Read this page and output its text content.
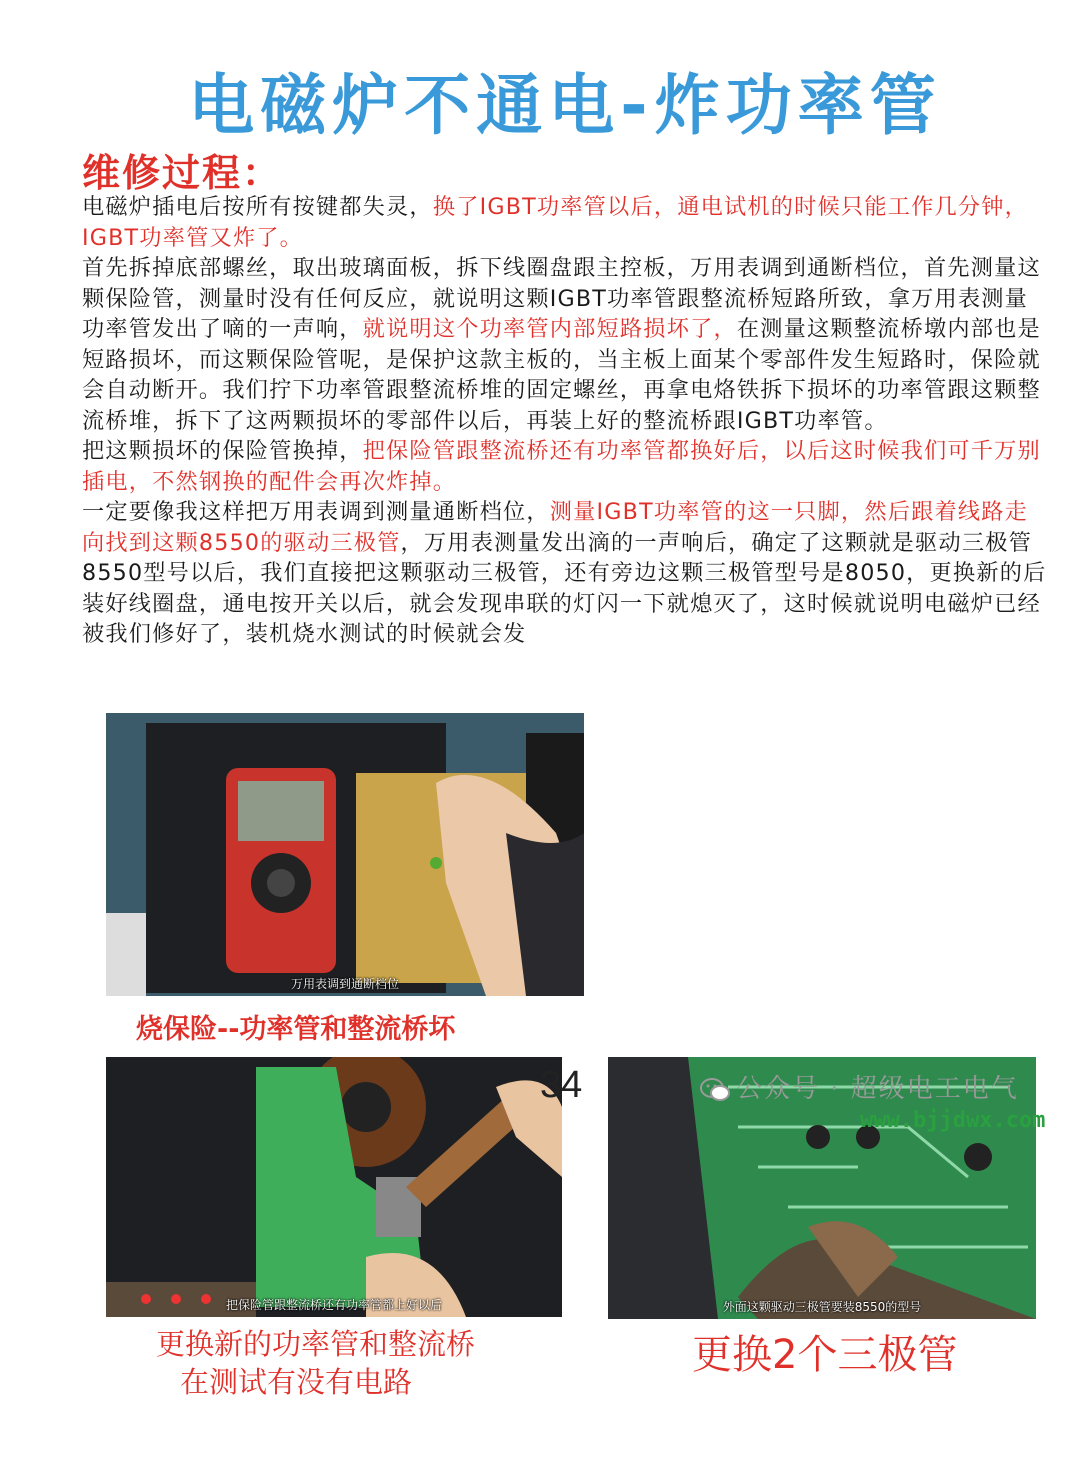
电磁炉不通电-炸功率管
维修过程：

电磁炉插电后按所有按键都失灵，换了IGBT功率管以后，通电试机的时候只能工作几分钟，IGBT功率管又炸了。

首先拆掉底部螺丝，取出玻璃面板，拆下线圈盘跟主控板，万用表调到通断档位，首先测量这颗保险管，测量时没有任何反应，就说明这颗IGBT功率管跟整流桥短路所致，拿万用表测量功率管发出了嘀的一声响，就说明这个功率管内部短路损坏了，在测量这颗整流桥墩内部也是短路损坏，而这颗保险管呢，是保护这款主板的，当主板上面某个零部件发生短路时，保险就会自动断开。我们拧下功率管跟整流桥堆的固定螺丝，再拿电烙铁拆下损坏的功率管跟这颗整流桥堆，拆下了这两颗损坏的零部件以后，再装上好的整流桥跟IGBT功率管。

把这颗损坏的保险管换掉，把保险管跟整流桥还有功率管都换好后，以后这时候我们可千万别插电，不然钢换的配件会再次炸掉。

一定要像我这样把万用表调到测量通断档位，测量IGBT功率管的这一只脚，然后跟着线路走向找到这颗8550的驱动三极管，万用表测量发出滴的一声响后，确定了这颗就是驱动三极管8550型号以后，我们直接把这颗驱动三极管，还有旁边这颗三极管型号是8050，更换新的后装好线圈盘，通电按开关以后，就会发现串联的灯闪一下就熄灭了，这时候就说明电磁炉已经被我们修好了，装机烧水测试的时候就会发

万用表调到通断档位
烧保险--功率管和整流桥坏
把保险管跟整流桥还有功率管都上好以后
更换新的功率管和整流桥
在测试有没有电路
外面这颗驱动三极管要装8550的型号
更换2个三极管
34	公众号 · 超级电工电气
www.bjjdwx.com
